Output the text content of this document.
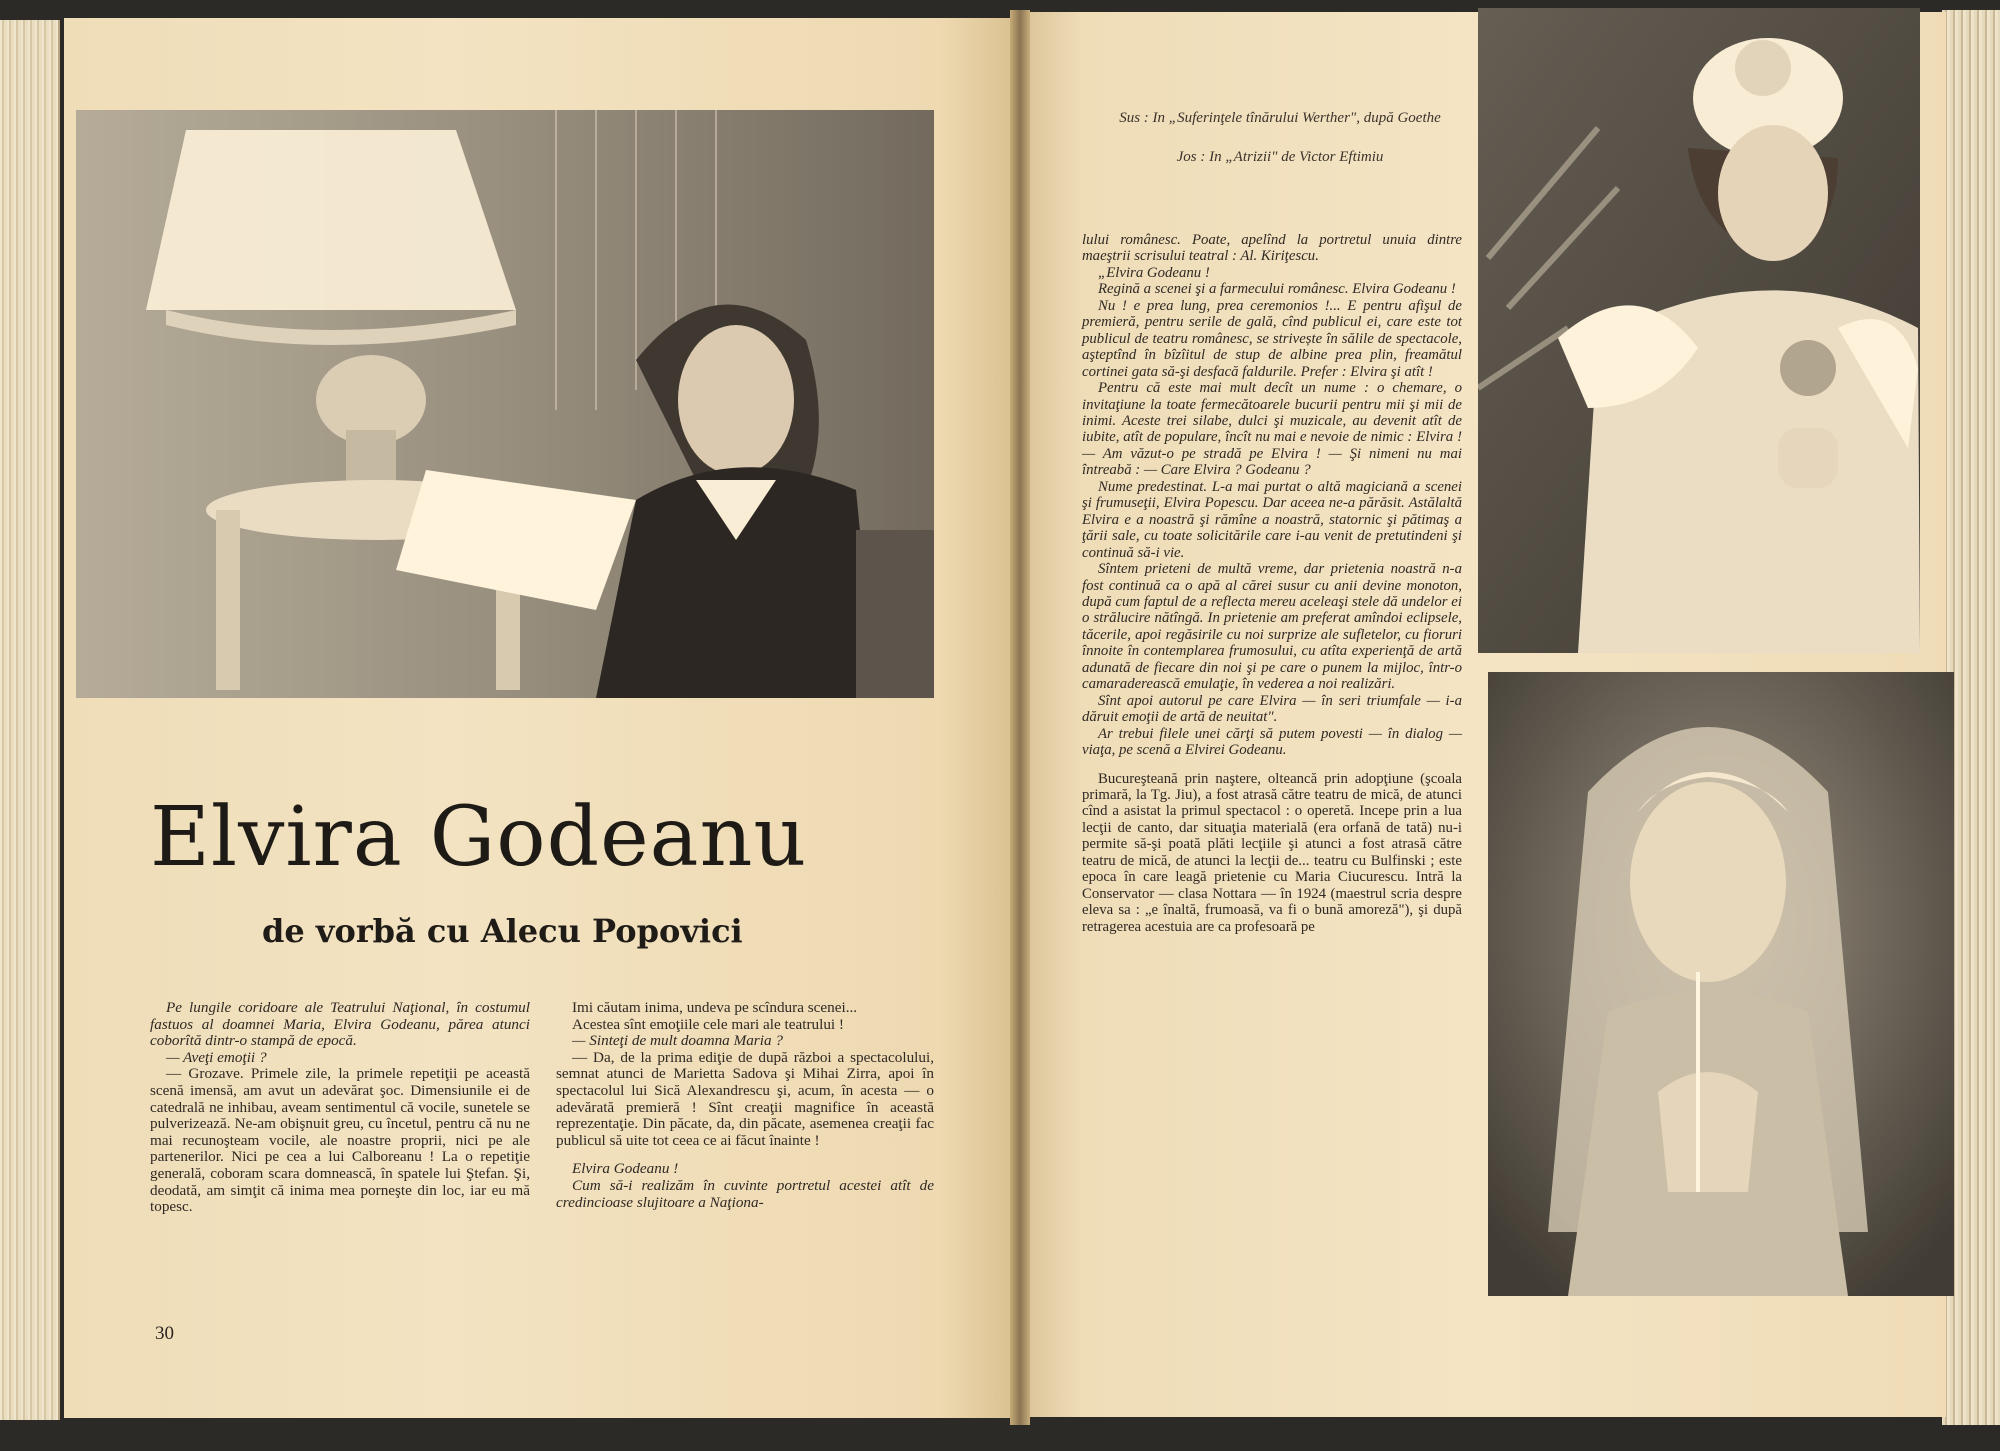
Elvira Godeanu
de vorbă cu Alecu Popovici

Pe lungile coridoare ale Teatrului Naţional, în costumul fastuos al doamnei Maria, Elvira Godeanu, părea atunci coborîtă dintr-o stampă de epocă.

— Aveţi emoţii ?

— Grozave. Primele zile, la primele repetiţii pe această scenă imensă, am avut un adevărat şoc. Dimensiunile ei de catedrală ne inhibau, aveam sentimentul că vocile, sunetele se pulverizează. Ne-am obişnuit greu, cu încetul, pentru că nu ne mai recunoşteam vocile, ale noastre proprii, nici pe ale partenerilor. Nici pe cea a lui Calboreanu ! La o repetiţie generală, coboram scara domnească, în spatele lui Ştefan. Şi, deodată, am simţit că inima mea porneşte din loc, iar eu mă topesc.

Imi căutam inima, undeva pe scîndura scenei...

Acestea sînt emoţiile cele mari ale teatrului !

— Sinteţi de mult doamna Maria ?

— Da, de la prima ediţie de după război a spectacolului, semnat atunci de Marietta Sadova şi Mihai Zirra, apoi în spectacolul lui Sică Alexandrescu şi, acum, în acesta — o adevărată premieră ! Sînt creaţii magnifice în această reprezentaţie. Din păcate, da, din păcate, asemenea creaţii fac publicul să uite tot ceea ce ai făcut înainte !

Elvira Godeanu !

Cum să-i realizăm în cuvinte portretul acestei atît de credincioase slujitoare a Naţiona-

30
Sus : In „Suferinţele tînărului Werther", după Goethe
Jos : In „Atrizii" de Victor Eftimiu

lului românesc. Poate, apelînd la portretul unuia dintre maeştrii scrisului teatral : Al. Kiriţescu.

„Elvira Godeanu !

Regină a scenei şi a farmecului românesc. Elvira Godeanu !

Nu ! e prea lung, prea ceremonios !... E pentru afişul de premieră, pentru serile de gală, cînd publicul ei, care este tot publicul de teatru românesc, se strivește în sălile de spectacole, aşteptînd în bîzîitul de stup de albine prea plin, freamătul cortinei gata să-şi desfacă faldurile. Prefer : Elvira şi atît !

Pentru că este mai mult decît un nume : o chemare, o invitaţiune la toate fermecătoarele bucurii pentru mii şi mii de inimi. Aceste trei silabe, dulci şi muzicale, au devenit atît de iubite, atît de populare, încît nu mai e nevoie de nimic : Elvira ! — Am văzut-o pe stradă pe Elvira ! — Şi nimeni nu mai întreabă : — Care Elvira ? Godeanu ?

Nume predestinat. L-a mai purtat o altă magiciană a scenei şi frumuseţii, Elvira Popescu. Dar aceea ne-a părăsit. Astălaltă Elvira e a noastră şi rămîne a noastră, statornic şi pătimaş a ţării sale, cu toate solicitările care i-au venit de pretutindeni şi continuă să-i vie.

Sîntem prieteni de multă vreme, dar prietenia noastră n-a fost continuă ca o apă al cărei susur cu anii devine monoton, după cum faptul de a reflecta mereu aceleaşi stele dă undelor ei o strălucire nătîngă. In prietenie am preferat amîndoi eclipsele, tăcerile, apoi regăsirile cu noi surprize ale sufletelor, cu fioruri înnoite în contemplarea frumosului, cu atîta experienţă de artă adunată de fiecare din noi şi pe care o punem la mijloc, într-o camaraderească emulaţie, în vederea a noi realizări.

Sînt apoi autorul pe care Elvira — în seri triumfale — i-a dăruit emoţii de artă de neuitat".

Ar trebui filele unei cărţi să putem povesti — în dialog — viaţa, pe scenă a Elvirei Godeanu.

Bucureşteană prin naştere, olteancă prin adopţiune (şcoala primară, la Tg. Jiu), a fost atrasă către teatru de mică, de atunci cînd a asistat la primul spectacol : o operetă. Incepe prin a lua lecţii de canto, dar situaţia materială (era orfană de tată) nu-i permite să-şi poată plăti lecţiile şi atunci a fost atrasă către teatru de mică, de atunci la lecţii de... teatru cu Bulfinski ; este epoca în care leagă prietenie cu Maria Ciucurescu. Intră la Conservator — clasa Nottara — în 1924 (maestrul scria despre eleva sa : „e înaltă, frumoasă, va fi o bună amoreză"), şi după retragerea acestuia are ca profesoară pe
